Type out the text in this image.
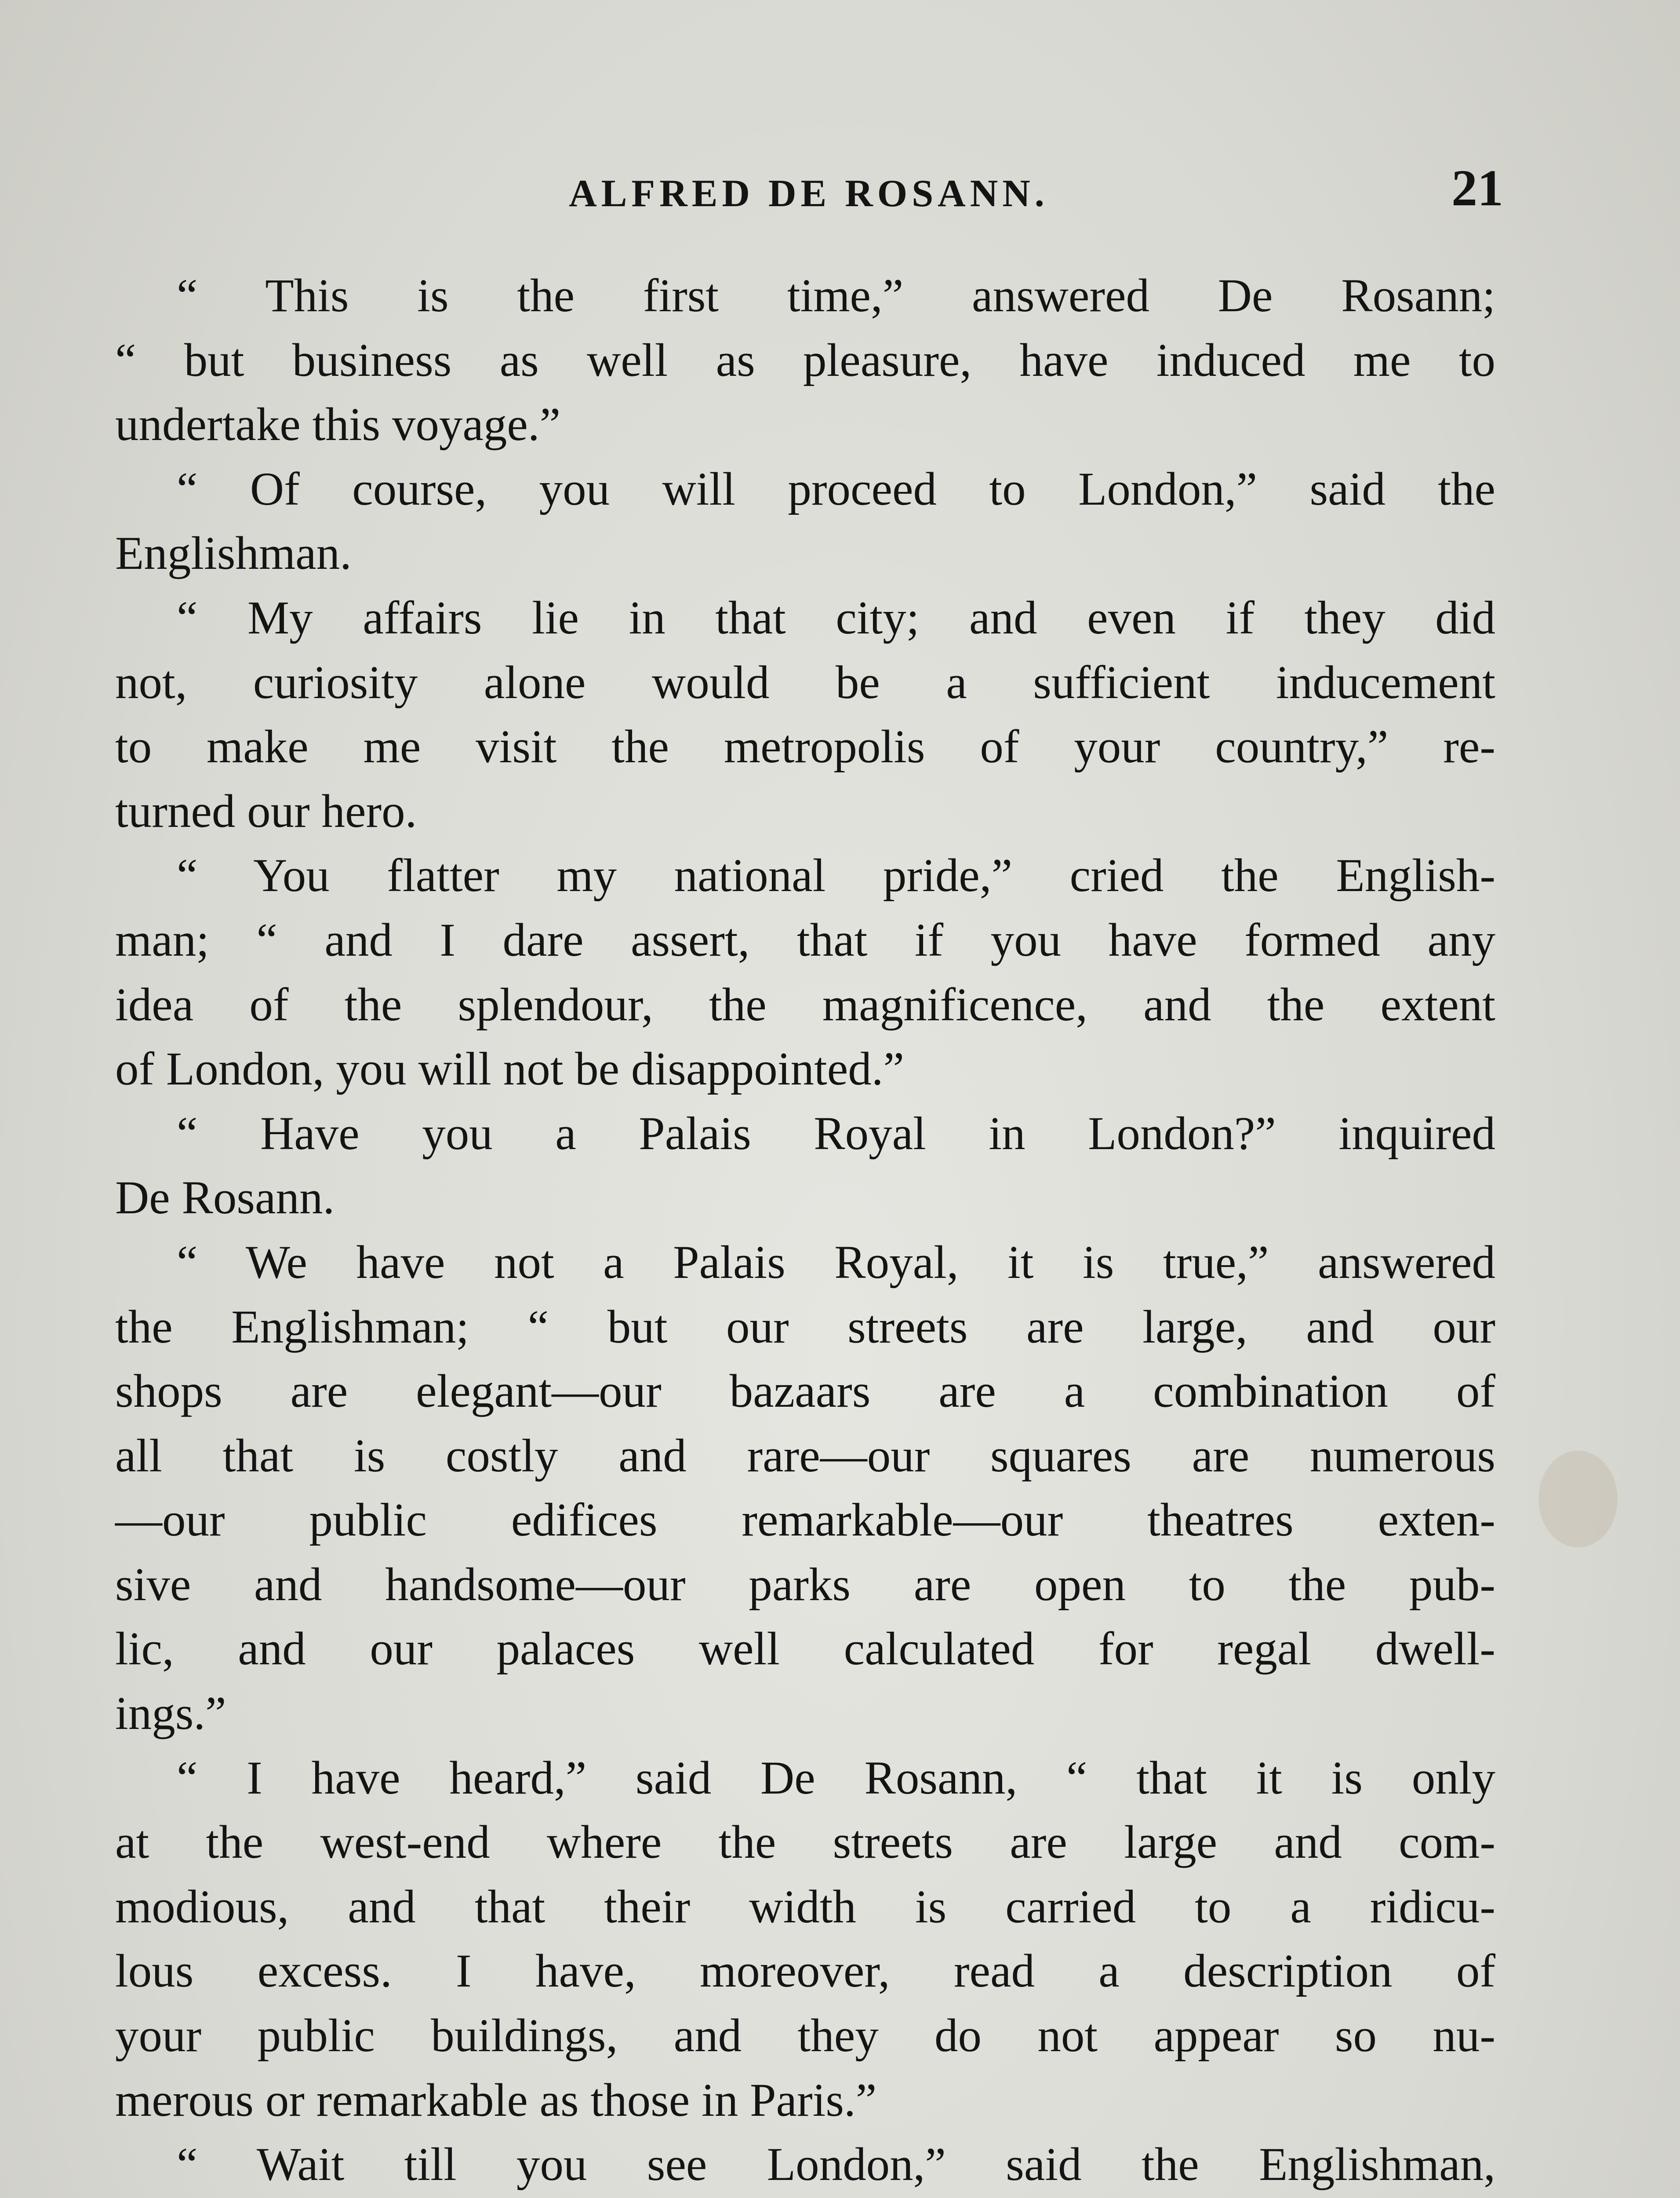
ALFRED DE ROSANN.	21
“ This is the first time,” answered De Rosann;
“ but business as well as pleasure, have induced me to
undertake this voyage.”
“ Of course, you will proceed to London,” said the
Englishman.
“ My affairs lie in that city; and even if they did
not, curiosity alone would be a sufficient inducement
to make me visit the metropolis of your country,” re-
turned our hero.
“ You flatter my national pride,” cried the English-
man; “ and I dare assert, that if you have formed any
idea of the splendour, the magnificence, and the extent
of London, you will not be disappointed.”
“ Have you a Palais Royal in London?” inquired
De Rosann.
“ We have not a Palais Royal, it is true,” answered
the Englishman; “ but our streets are large, and our
shops are elegant—our bazaars are a combination of
all that is costly and rare—our squares are numerous
—our public edifices remarkable—our theatres exten-
sive and handsome—our parks are open to the pub-
lic, and our palaces well calculated for regal dwell-
ings.”
“ I have heard,” said De Rosann, “ that it is only
at the west-end where the streets are large and com-
modious, and that their width is carried to a ridicu-
lous excess. I have, moreover, read a description of
your public buildings, and they do not appear so nu-
merous or remarkable as those in Paris.”
“ Wait till you see London,” said the Englishman,
